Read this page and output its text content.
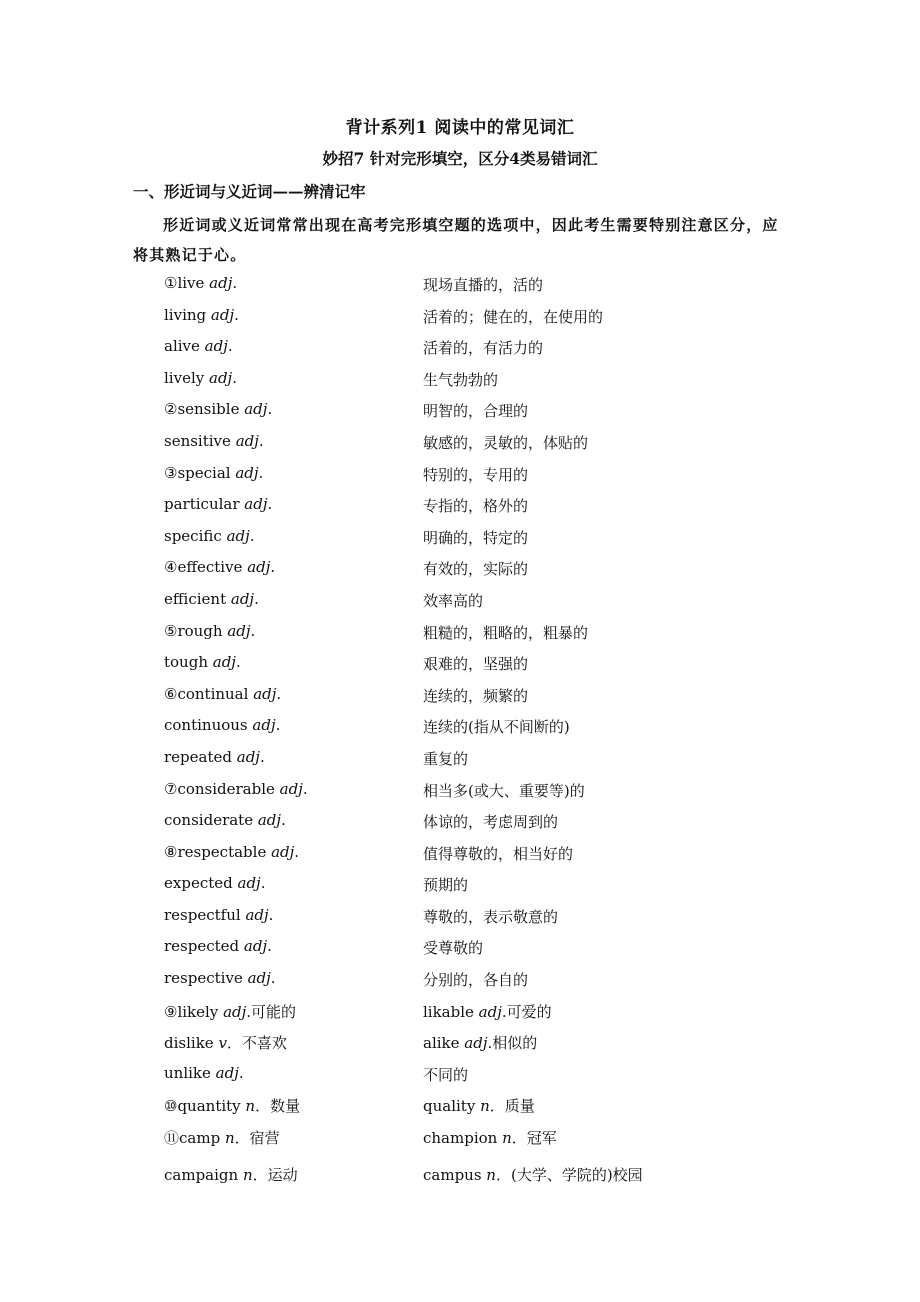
背计系列1 阅读中的常见词汇
妙招7 针对完形填空，区分4类易错词汇
一、形近词与义近词——辨清记牢
形近词或义近词常常出现在高考完形填空题的选项中，因此考生需要特别注意区分，应将其熟记于心。
①live adj.	现场直播的，活的
living adj.	活着的；健在的，在使用的
alive adj.	活着的，有活力的
lively adj.	生气勃勃的
②sensible adj.	明智的，合理的
sensitive adj.	敏感的，灵敏的，体贴的
③special adj.	特别的，专用的
particular adj.	专指的，格外的
specific adj.	明确的，特定的
④effective adj.	有效的，实际的
efficient adj.	效率高的
⑤rough adj.	粗糙的，粗略的，粗暴的
tough adj.	艰难的，坚强的
⑥continual adj.	连续的，频繁的
continuous adj.	连续的(指从不间断的)
repeated adj.	重复的
⑦considerable adj.	相当多(或大、重要等)的
considerate adj.	体谅的，考虑周到的
⑧respectable adj.	值得尊敬的，相当好的
expected adj.	预期的
respectful adj.	尊敬的，表示敬意的
respected adj.	受尊敬的
respective adj.	分别的，各自的
⑨likely adj.可能的	likable adj.可爱的
dislike v．不喜欢	alike adj.相似的
unlike adj.	不同的
⑩quantity n．数量	quality n．质量
⑪camp n．宿营	champion n．冠军
campaign n．运动	campus n．(大学、学院的)校园
